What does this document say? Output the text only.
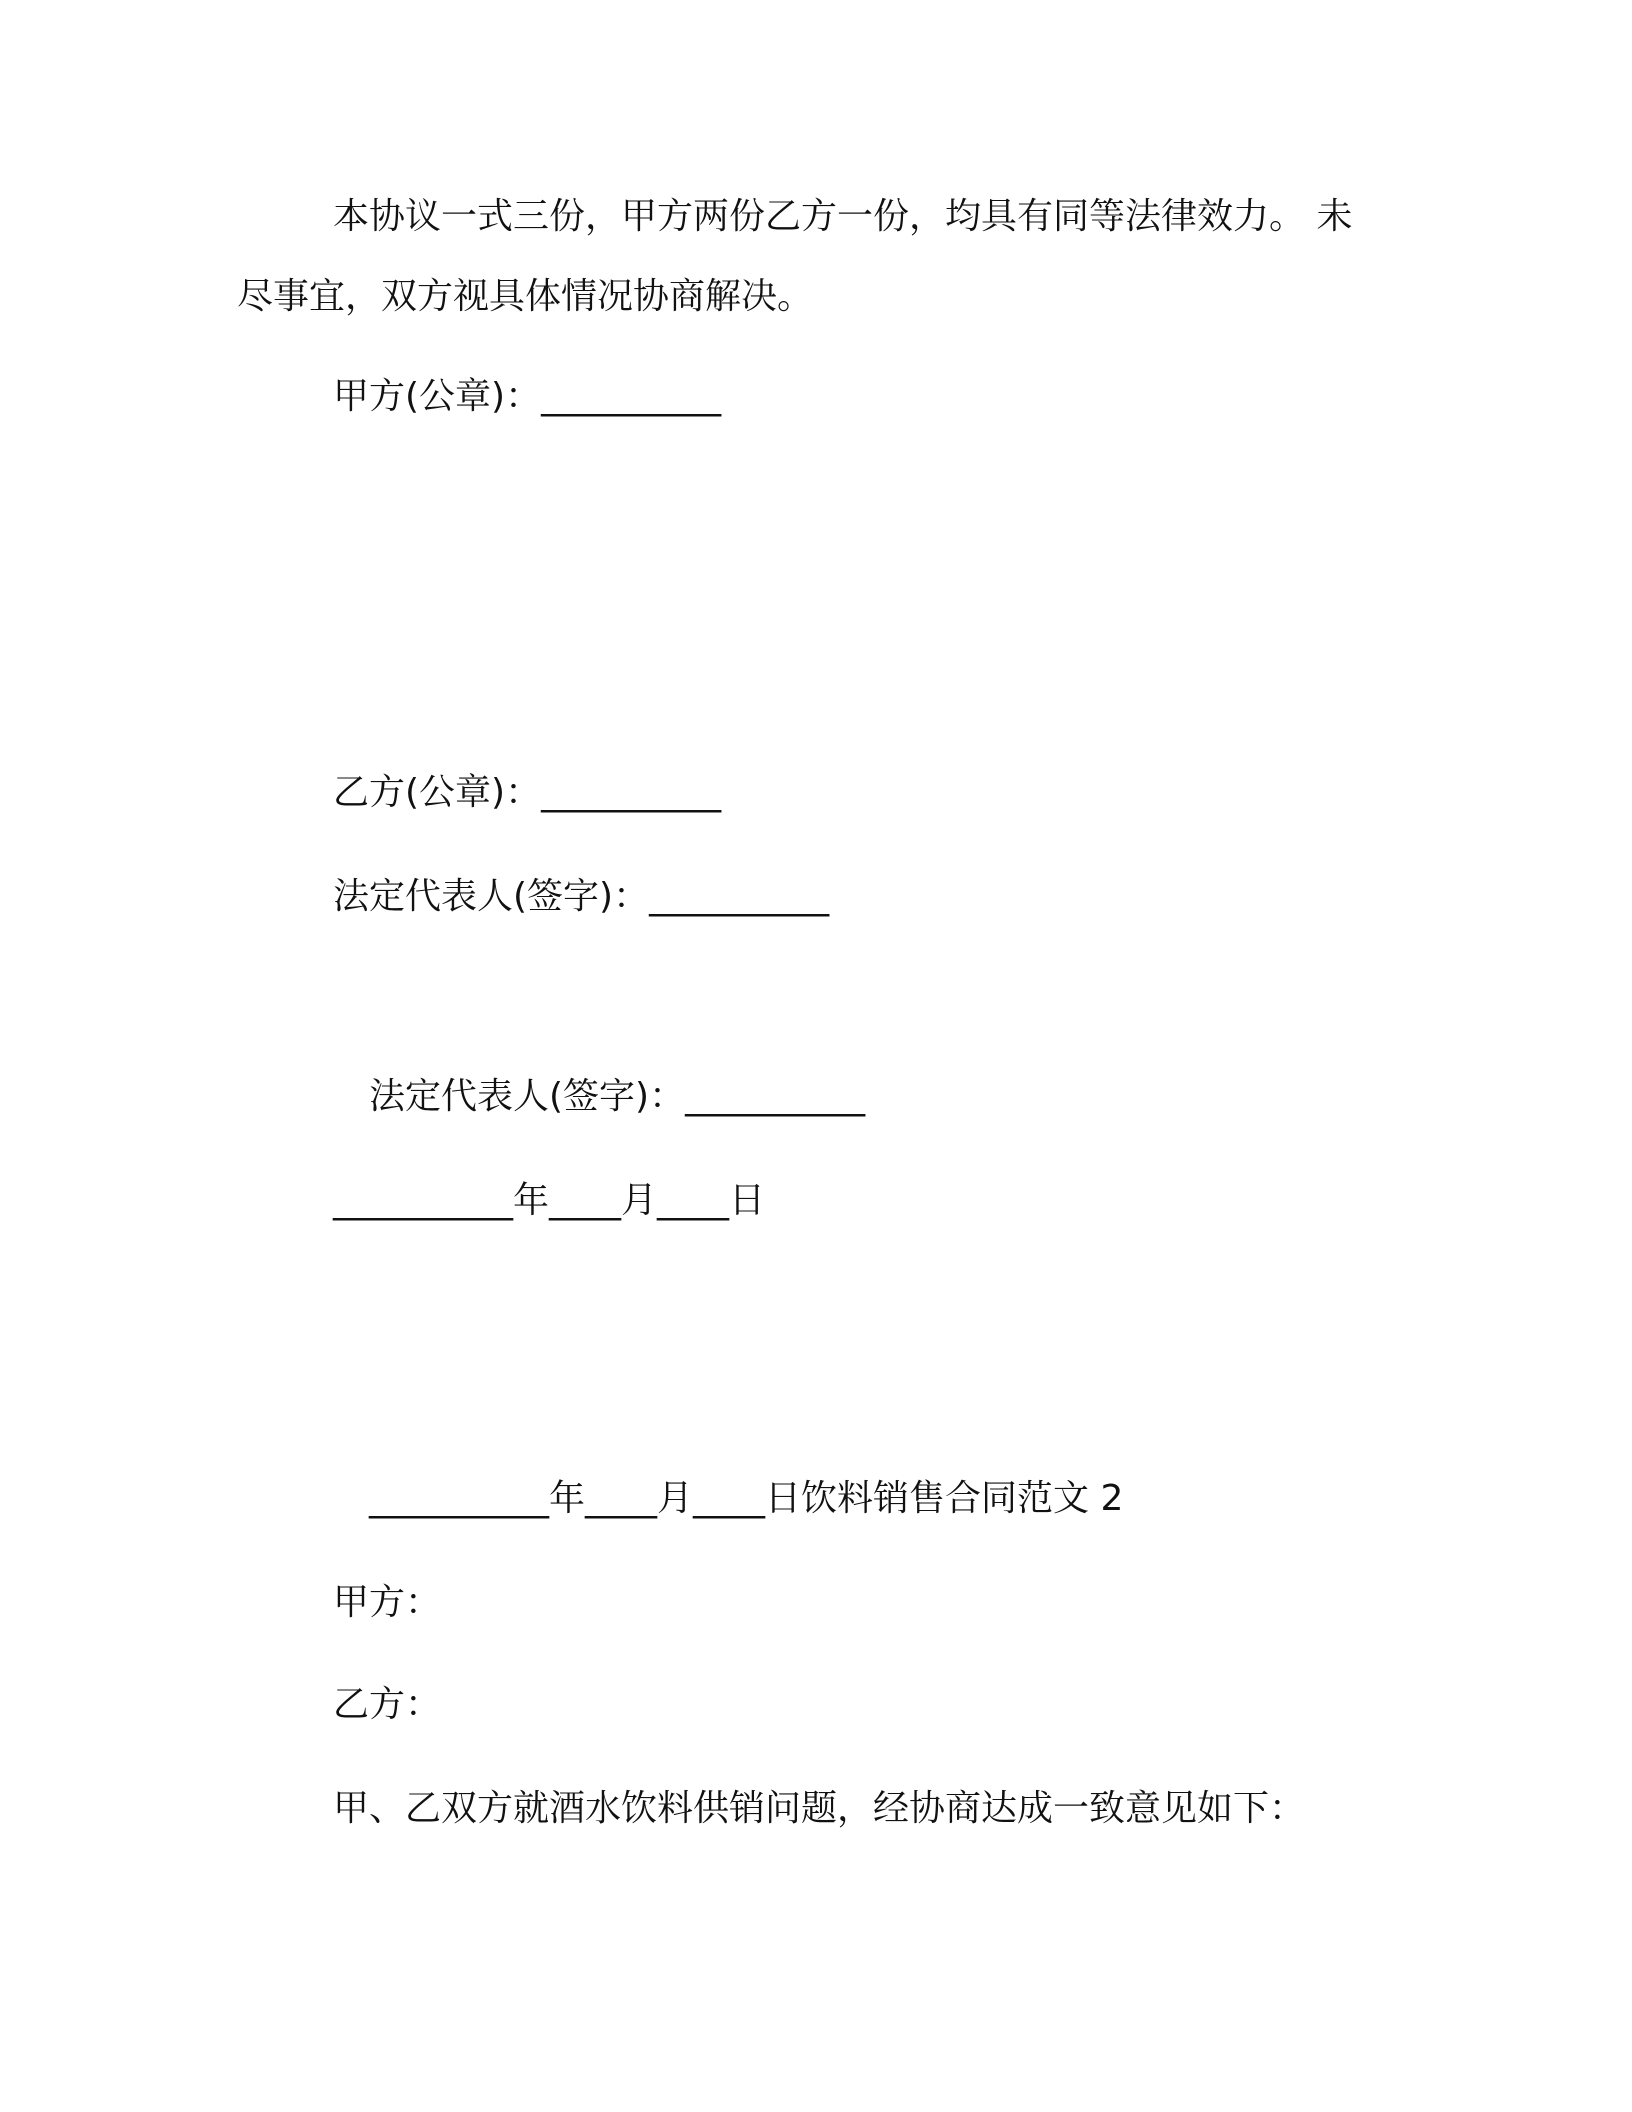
本协议一式三份，甲方两份乙方一份，均具有同等法律效力。 未
尽事宜，双方视具体情况协商解决。
甲方(公章)：__________
乙方(公章)：__________
法定代表人(签字)：__________
法定代表人(签字)：__________
__________年____月____日
__________年____月____日饮料销售合同范文 2
甲方：
乙方：
甲、乙双方就酒水饮料供销问题，经协商达成一致意见如下：
